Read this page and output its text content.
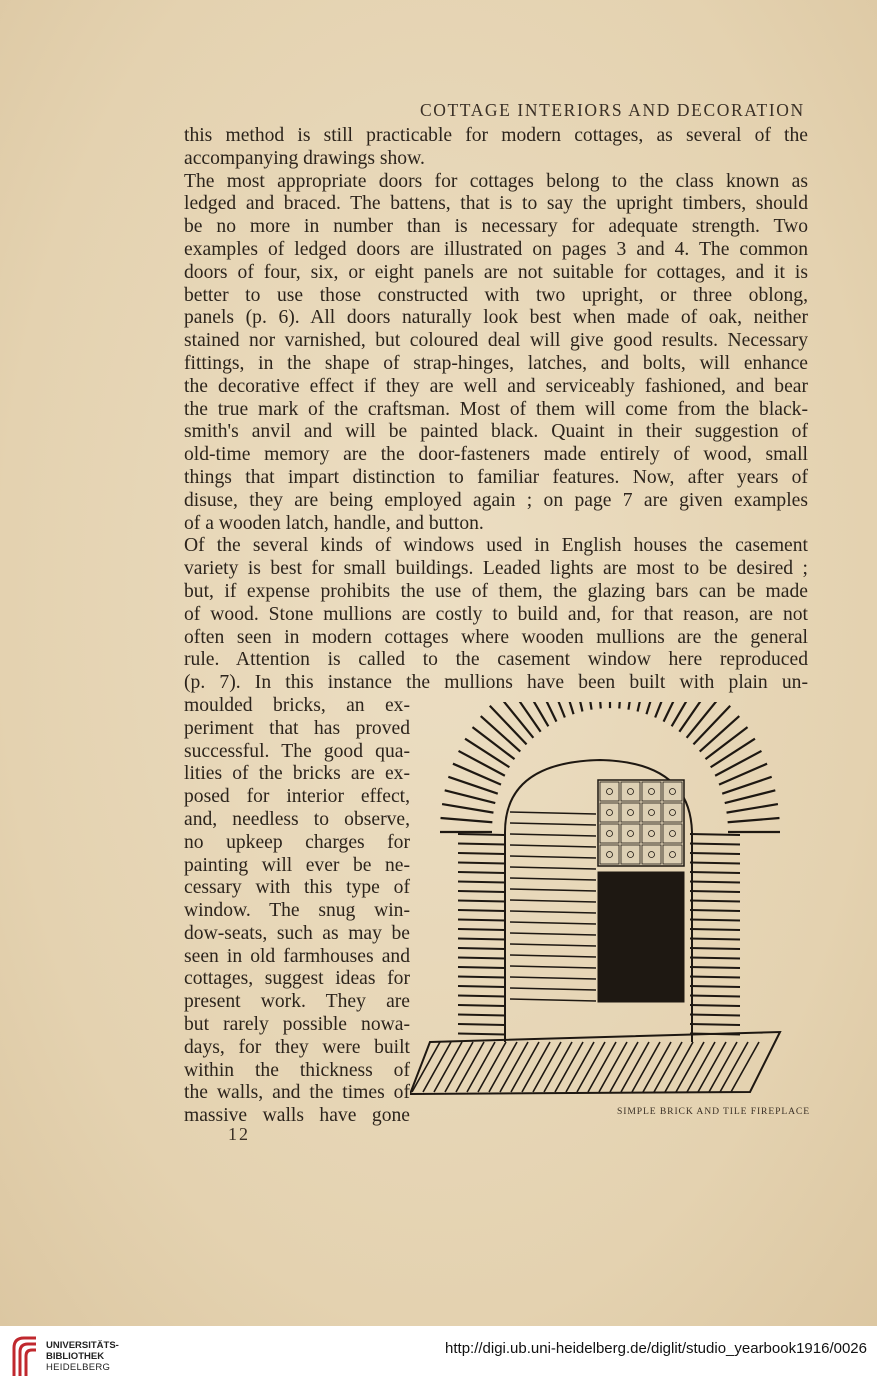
COTTAGE INTERIORS AND DECORATION
this method is still practicable for modern cottages, as several of the
accompanying drawings show.
The most appropriate doors for cottages belong to the class known as
ledged and braced. The battens, that is to say the upright timbers, should
be no more in number than is necessary for adequate strength. Two
examples of ledged doors are illustrated on pages 3 and 4. The common
doors of four, six, or eight panels are not suitable for cottages, and it is
better to use those constructed with two upright, or three oblong,
panels (p. 6). All doors naturally look best when made of oak, neither
stained nor varnished, but coloured deal will give good results. Necessary
fittings, in the shape of strap-hinges, latches, and bolts, will enhance
the decorative effect if they are well and serviceably fashioned, and bear
the true mark of the craftsman. Most of them will come from the black-
smith's anvil and will be painted black. Quaint in their suggestion of
old-time memory are the door-fasteners made entirely of wood, small
things that impart distinction to familiar features. Now, after years of
disuse, they are being employed again ; on page 7 are given examples
of a wooden latch, handle, and button.
Of the several kinds of windows used in English houses the casement
variety is best for small buildings. Leaded lights are most to be desired ;
but, if expense prohibits the use of them, the glazing bars can be made
of wood. Stone mullions are costly to build and, for that reason, are not
often seen in modern cottages where wooden mullions are the general
rule. Attention is called to the casement window here reproduced
(p. 7). In this instance the mullions have been built with plain un-
moulded bricks, an ex-
periment that has proved
successful. The good qua-
lities of the bricks are ex-
posed for interior effect,
and, needless to observe,
no upkeep charges for
painting will ever be ne-
cessary with this type of
window. The snug win-
dow-seats, such as may be
seen in old farmhouses and
cottages, suggest ideas for
present work. They are
but rarely possible nowa-
days, for they were built
within the thickness of
the walls, and the times of
massive walls have gone	SIMPLE BRICK AND TILE FIREPLACE
12
UNIVERSITÄTS-
BIBLIOTHEK
HEIDELBERG
http://digi.ub.uni-heidelberg.de/diglit/studio_yearbook1916/0026
